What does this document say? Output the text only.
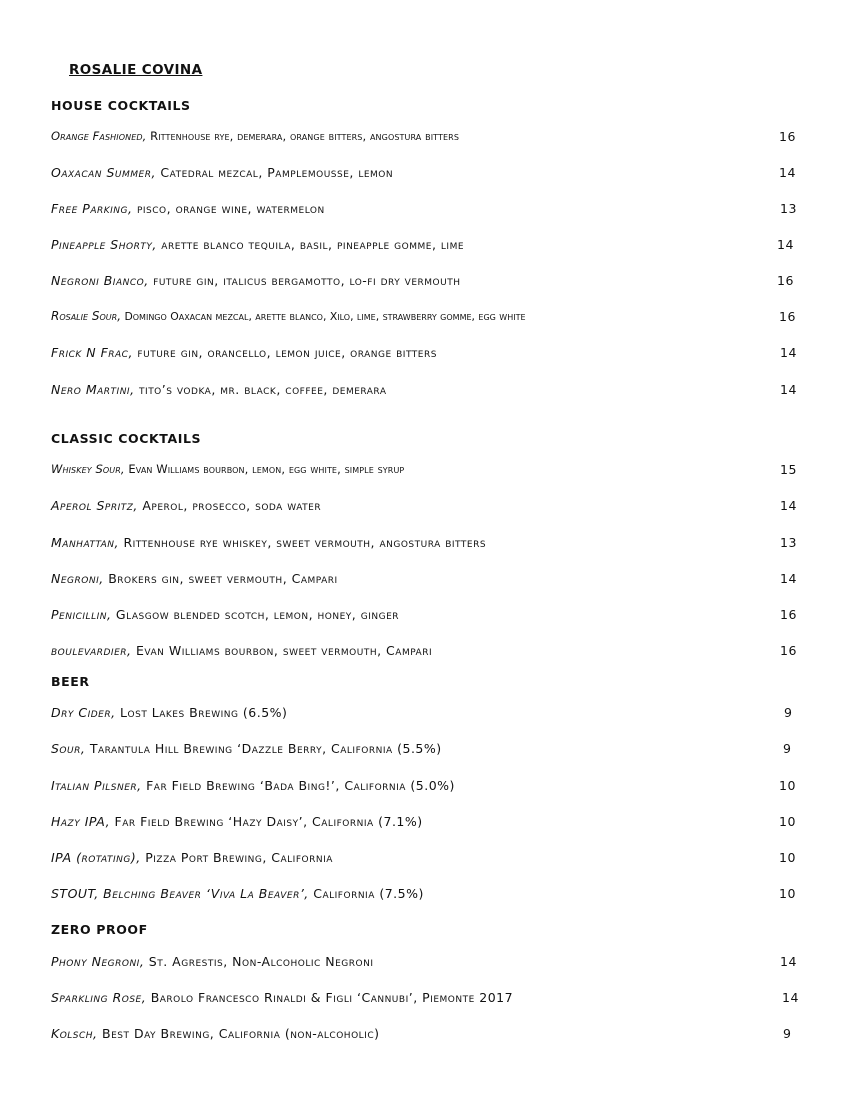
ROSALIE COVINA
HOUSE COCKTAILS
Orange Fashioned, Rittenhouse rye, demerara, orange bitters, angostura bitters	16
Oaxacan Summer, Catedral mezcal, Pamplemousse, lemon	14
Free Parking, pisco, orange wine, watermelon	13
Pineapple Shorty, arette blanco tequila, basil, pineapple gomme, lime	14
Negroni Bianco, future gin, italicus bergamotto, lo-fi dry vermouth	16
Rosalie Sour, Domingo Oaxacan mezcal, arette blanco, Xilo, lime, strawberry gomme, egg white	16
Frick N Frac, future gin, orancello, lemon juice, orange bitters	14
Nero Martini, tito’s vodka, mr. black, coffee, demerara	14
CLASSIC COCKTAILS
Whiskey Sour, Evan Williams bourbon, lemon, egg white, simple syrup	15
Aperol Spritz, Aperol, prosecco, soda water	14
Manhattan, Rittenhouse rye whiskey, sweet vermouth, angostura bitters	13
Negroni, Brokers gin, sweet vermouth, Campari	14
Penicillin, Glasgow blended scotch, lemon, honey, ginger	16
boulevardier, Evan Williams bourbon, sweet vermouth, Campari	16
BEER
Dry Cider, Lost Lakes Brewing (6.5%)	9
Sour, Tarantula Hill Brewing ‘Dazzle Berry, California (5.5%)	9
Italian Pilsner, Far Field Brewing ‘Bada Bing!’, California (5.0%)	10
Hazy IPA, Far Field Brewing ‘Hazy Daisy’, California (7.1%)	10
IPA (rotating), Pizza Port Brewing, California	10
STOUT, Belching Beaver ‘Viva La Beaver’, California (7.5%)	10
ZERO PROOF
Phony Negroni, St. Agrestis, Non-Alcoholic Negroni	14
Sparkling Rose, Barolo Francesco Rinaldi & Figli ‘Cannubi’, Piemonte 2017	14
Kolsch, Best Day Brewing, California (non-alcoholic)	9
